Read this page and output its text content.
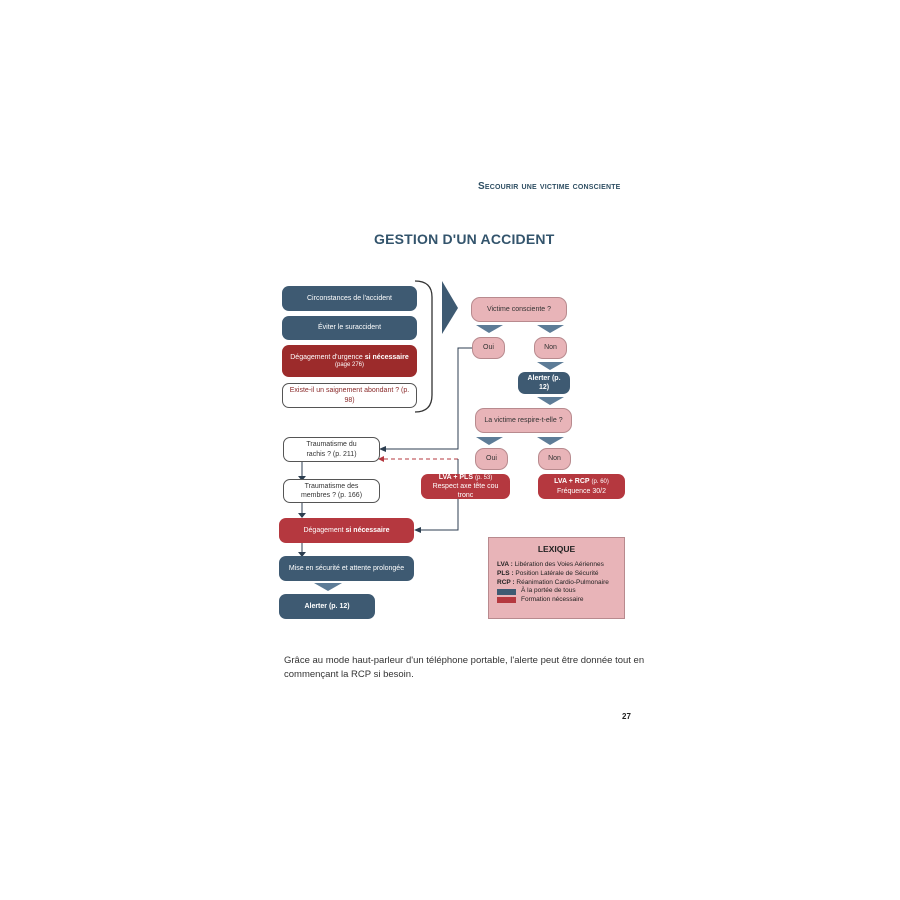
Secourir une victime consciente
GESTION D'UN ACCIDENT
Circonstances de l'accident
Éviter le suraccident
Dégagement d'urgence si nécessaire
(page 276)
Existe-il un saignement abondant ? (p. 98)
Victime consciente ?
Oui	Non
Alerter (p. 12)
La victime respire-t-elle ?
Oui	Non
LVA + PLS (p. 53)
Respect axe tête cou tronc
LVA + RCP (p. 60)
Fréquence 30/2
Traumatisme du
rachis ? (p. 211)
Traumatisme des
membres ? (p. 166)
Dégagement si nécessaire
Mise en sécurité et attente prolongée
Alerter (p. 12)
LEXIQUE
LVA : Libération des Voies Aériennes
PLS : Position Latérale de Sécurité
RCP : Réanimation Cardio-Pulmonaire
À la portée de tous
Formation nécessaire
Grâce au mode haut-parleur d'un téléphone portable, l'alerte peut être donnée tout en commençant la RCP si besoin.
27
